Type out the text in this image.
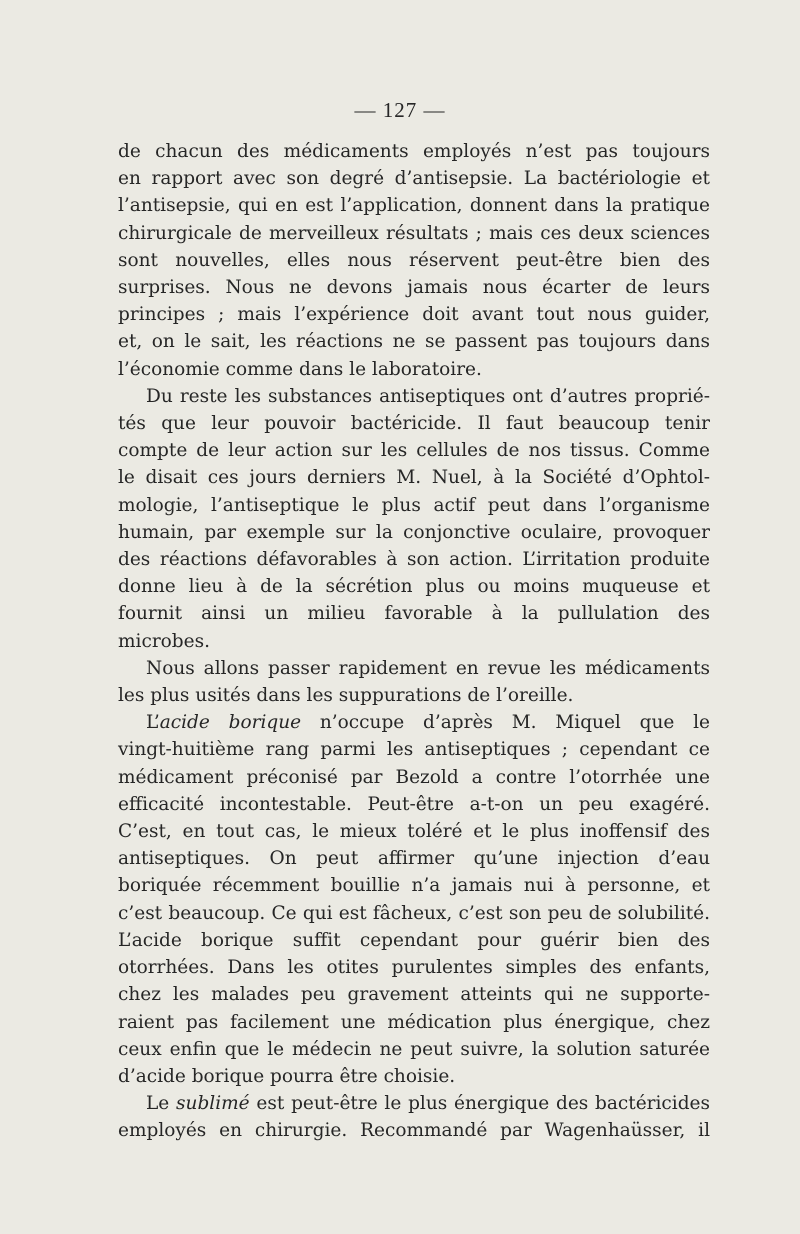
— 127 —
de chacun des médicaments employés n’est pas toujours
en rapport avec son degré d’antisepsie. La bactériologie et
l’antisepsie, qui en est l’application, donnent dans la pratique
chirurgicale de merveilleux résultats ; mais ces deux sciences
sont nouvelles, elles nous réservent peut-être bien des
surprises. Nous ne devons jamais nous écarter de leurs
principes ; mais l’expérience doit avant tout nous guider,
et, on le sait, les réactions ne se passent pas toujours dans
l’économie comme dans le laboratoire.
Du reste les substances antiseptiques ont d’autres proprié-
tés que leur pouvoir bactéricide. Il faut beaucoup tenir
compte de leur action sur les cellules de nos tissus. Comme
le disait ces jours derniers M. Nuel, à la Société d’Ophtol-
mologie, l’antiseptique le plus actif peut dans l’organisme
humain, par exemple sur la conjonctive oculaire, provoquer
des réactions défavorables à son action. L’irritation produite
donne lieu à de la sécrétion plus ou moins muqueuse et
fournit ainsi un milieu favorable à la pullulation des
microbes.
Nous allons passer rapidement en revue les médicaments
les plus usités dans les suppurations de l’oreille.
L’acide borique n’occupe d’après M. Miquel que le
vingt-huitième rang parmi les antiseptiques ; cependant ce
médicament préconisé par Bezold a contre l’otorrhée une
efficacité incontestable. Peut-être a-t-on un peu exagéré.
C’est, en tout cas, le mieux toléré et le plus inoffensif des
antiseptiques. On peut affirmer qu’une injection d’eau
boriquée récemment bouillie n’a jamais nui à personne, et
c’est beaucoup. Ce qui est fâcheux, c’est son peu de solubilité.
L’acide borique suffit cependant pour guérir bien des
otorrhées. Dans les otites purulentes simples des enfants,
chez les malades peu gravement atteints qui ne supporte-
raient pas facilement une médication plus énergique, chez
ceux enfin que le médecin ne peut suivre, la solution saturée
d’acide borique pourra être choisie.
Le sublimé est peut-être le plus énergique des bactéricides
employés en chirurgie. Recommandé par Wagenhaüsser, il
